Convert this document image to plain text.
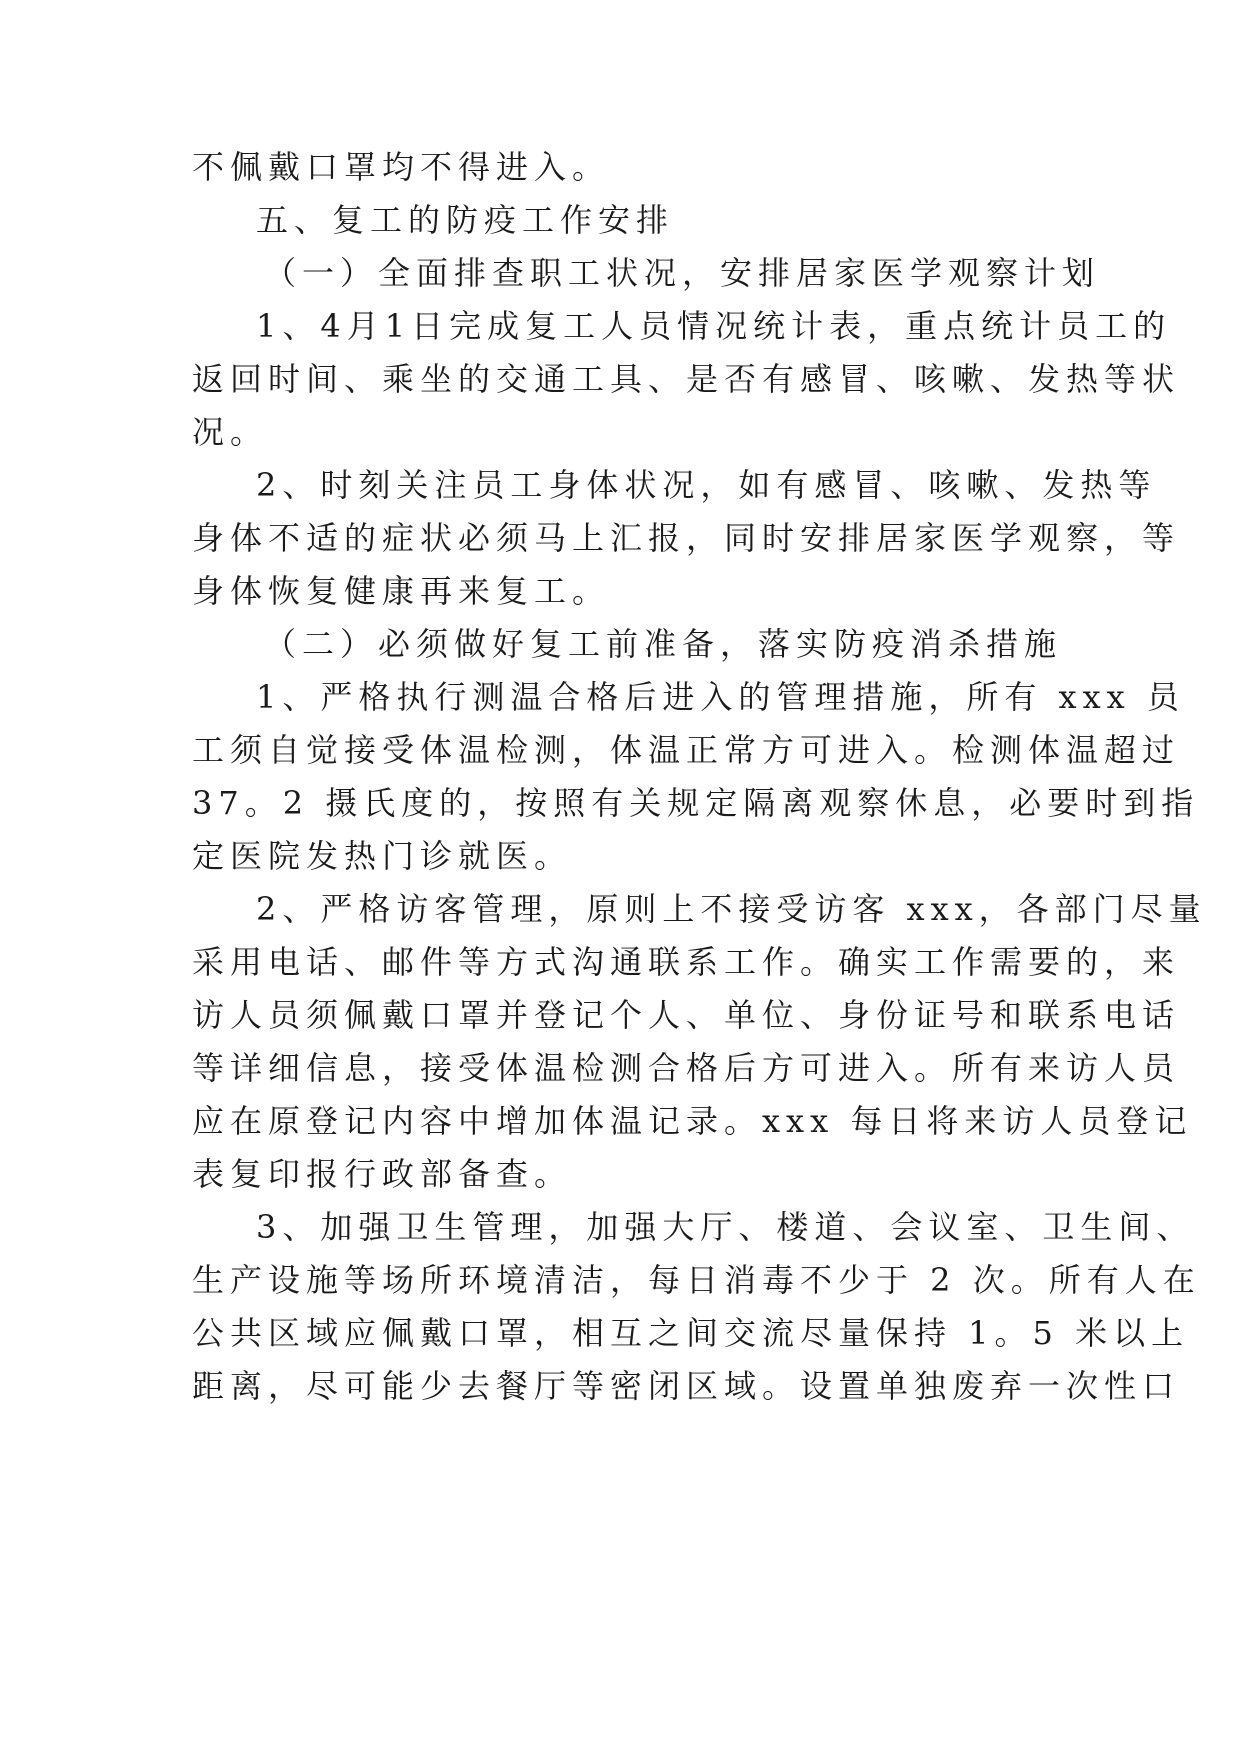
不佩戴口罩均不得进入。
五、复工的防疫工作安排
（一）全面排查职工状况，安排居家医学观察计划
1、4月1日完成复工人员情况统计表，重点统计员工的
返回时间、乘坐的交通工具、是否有感冒、咳嗽、发热等状
况。
2、时刻关注员工身体状况，如有感冒、咳嗽、发热等
身体不适的症状必须马上汇报，同时安排居家医学观察，等
身体恢复健康再来复工。
（二）必须做好复工前准备，落实防疫消杀措施
1、严格执行测温合格后进入的管理措施，所有 xxx 员
工须自觉接受体温检测，体温正常方可进入。检测体温超过
37。2 摄氏度的，按照有关规定隔离观察休息，必要时到指
定医院发热门诊就医。
2、严格访客管理，原则上不接受访客 xxx，各部门尽量
采用电话、邮件等方式沟通联系工作。确实工作需要的，来
访人员须佩戴口罩并登记个人、单位、身份证号和联系电话
等详细信息，接受体温检测合格后方可进入。所有来访人员
应在原登记内容中增加体温记录。xxx 每日将来访人员登记
表复印报行政部备查。
3、加强卫生管理，加强大厅、楼道、会议室、卫生间、
生产设施等场所环境清洁，每日消毒不少于 2 次。所有人在
公共区域应佩戴口罩，相互之间交流尽量保持 1。5 米以上
距离，尽可能少去餐厅等密闭区域。设置单独废弃一次性口
